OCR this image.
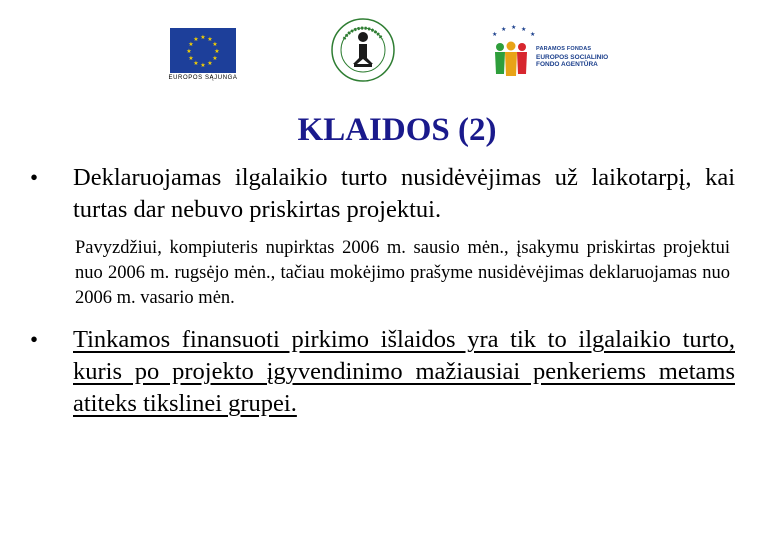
★ ★
★
★
★
★
★
★
★
★
★
★
EUROPOS SĄJUNGA
★
★ ★ ★
★
PARAMOS FONDAS
EUROPOS SOCIALINIO
FONDO AGENTŪRA
KLAIDOS (2)
• Deklaruojamas ilgalaikio turto nusidėvėjimas už laikotarpį, kai turtas dar nebuvo priskirtas projektui.
Pavyzdžiui, kompiuteris nupirktas 2006 m. sausio mėn., įsakymu priskirtas projektui nuo 2006 m. rugsėjo mėn., tačiau mokėjimo prašyme nusidėvėjimas deklaruojamas nuo 2006 m. vasario mėn.
• Tinkamos finansuoti pirkimo išlaidos yra tik to ilgalaikio turto, kuris po projekto įgyvendinimo mažiausiai penkeriems metams atiteks tikslinei grupei.
